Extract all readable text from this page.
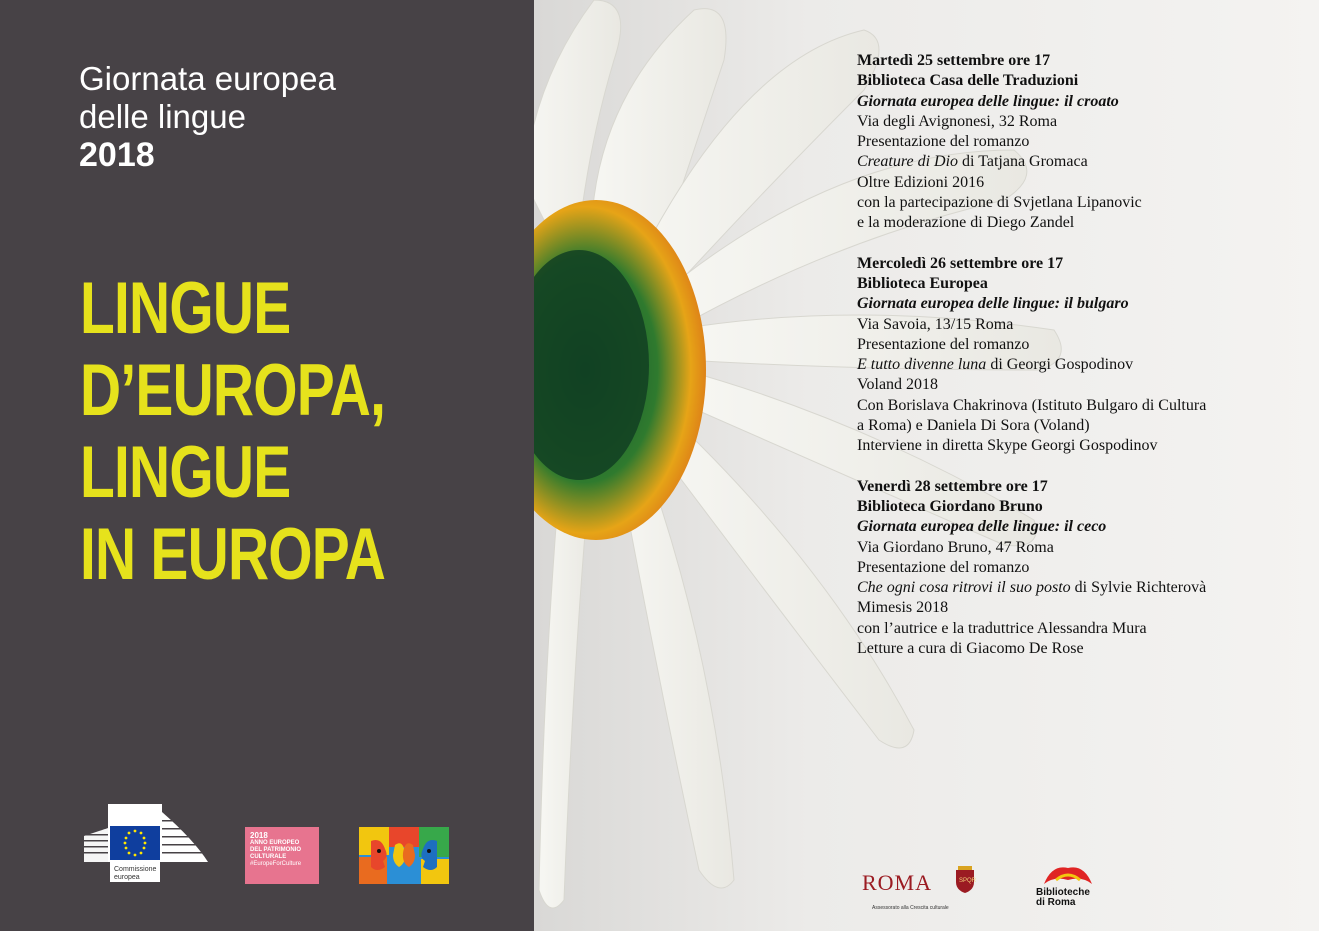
Giornata europea
delle lingue
2018
LINGUE
D’EUROPA,
LINGUE
IN EUROPA
Commissione
europea
2018
ANNO EUROPEO
DEL PATRIMONIO
CULTURALE
#EuropeForCulture

Martedì 25 settembre ore 17

Biblioteca Casa delle Traduzioni

Giornata europea delle lingue: il croato

Via degli Avignonesi, 32 Roma

Presentazione del romanzo

Creature di Dio di Tatjana Gromaca

Oltre Edizioni 2016

con la partecipazione di Svjetlana Lipanovic

e la moderazione di Diego Zandel

Mercoledì 26 settembre ore 17

Biblioteca Europea

Giornata europea delle lingue: il bulgaro

Via Savoia, 13/15 Roma

Presentazione del romanzo

E tutto divenne luna di Georgi Gospodinov

Voland 2018

Con Borislava Chakrinova (Istituto Bulgaro di Cultura

a Roma) e Daniela Di Sora (Voland)

Interviene in diretta Skype Georgi Gospodinov

Venerdì 28 settembre ore 17

Biblioteca Giordano Bruno

Giornata europea delle lingue: il ceco

Via Giordano Bruno, 47 Roma

Presentazione del romanzo

Che ogni cosa ritrovi il suo posto di Sylvie Richterovà

Mimesis 2018

con l’autrice e la traduttrice Alessandra Mura

Letture a cura di Giacomo De Rose

ROMA	SPQR
Assessorato alla Crescita culturale
Biblioteche
di Roma
